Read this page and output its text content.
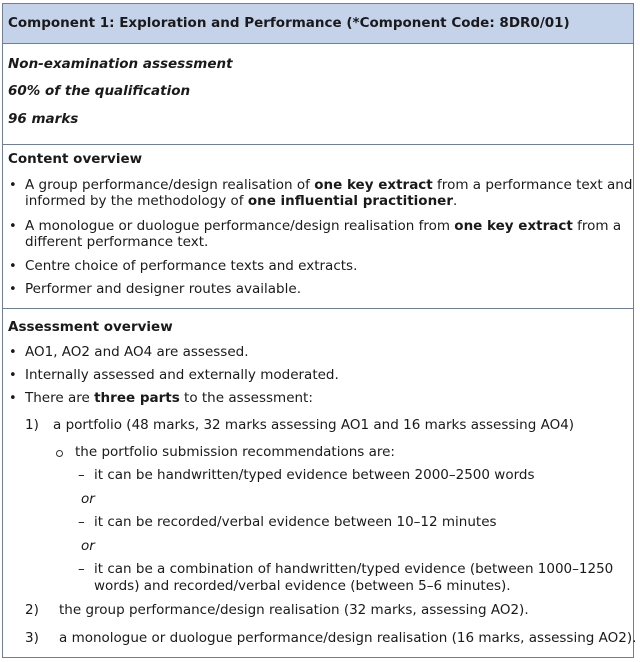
Component 1: Exploration and Performance (*Component Code: 8DR0/01)
Non-examination assessment
60% of the qualification
96 marks
Content overview
• A group performance/design realisation of one key extract from a performance text and
informed by the methodology of one influential practitioner.
• A monologue or duologue performance/design realisation from one key extract from a
different performance text.
• Centre choice of performance texts and extracts.
• Performer and designer routes available.
Assessment overview
• AO1, AO2 and AO4 are assessed.
• Internally assessed and externally moderated.
• There are three parts to the assessment:
1) a portfolio (48 marks, 32 marks assessing AO1 and 16 marks assessing AO4)
the portfolio submission recommendations are:
– it can be handwritten/typed evidence between 2000–2500 words
or
– it can be recorded/verbal evidence between 10–12 minutes
or
– it can be a combination of handwritten/typed evidence (between 1000–1250
words) and recorded/verbal evidence (between 5–6 minutes).
2) the group performance/design realisation (32 marks, assessing AO2).
3) a monologue or duologue performance/design realisation (16 marks, assessing AO2).
